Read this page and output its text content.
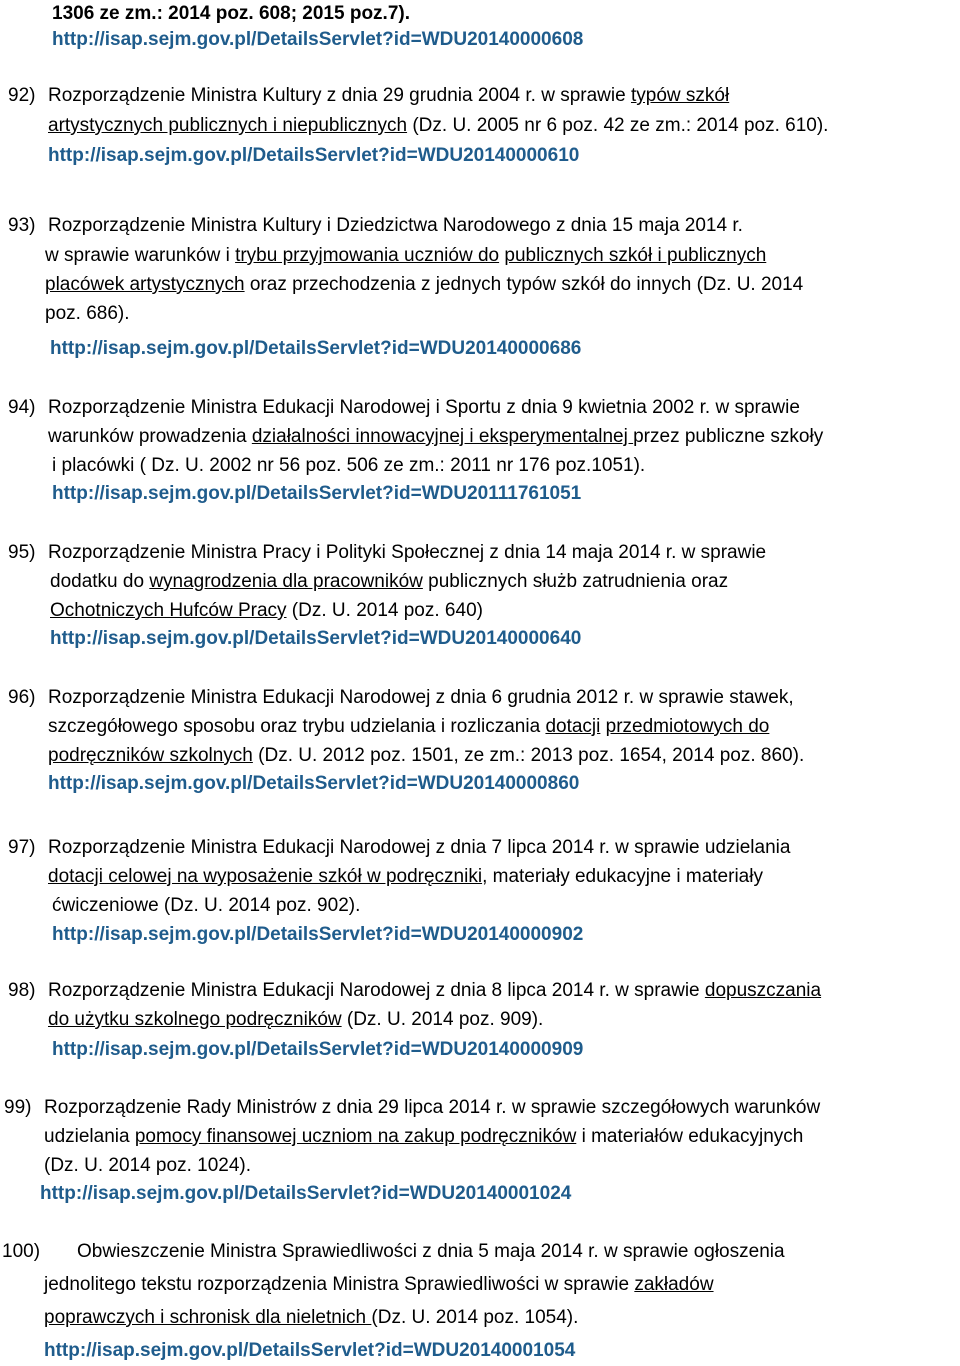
1306 ze zm.: 2014 poz. 608; 2015 poz.7).
http://isap.sejm.gov.pl/DetailsServlet?id=WDU20140000608
92) Rozporządzenie Ministra Kultury z dnia 29 grudnia 2004 r. w sprawie typów szkół
artystycznych publicznych i niepublicznych (Dz. U. 2005 nr 6 poz. 42 ze zm.: 2014 poz. 610).
http://isap.sejm.gov.pl/DetailsServlet?id=WDU20140000610
93) Rozporządzenie Ministra Kultury i Dziedzictwa Narodowego z dnia 15 maja 2014 r.
w sprawie warunków i trybu przyjmowania uczniów do publicznych szkół i publicznych
placówek artystycznych oraz przechodzenia z jednych typów szkół do innych (Dz. U. 2014
poz. 686).
http://isap.sejm.gov.pl/DetailsServlet?id=WDU20140000686
94) Rozporządzenie Ministra Edukacji Narodowej i Sportu z dnia 9 kwietnia 2002 r. w sprawie
warunków prowadzenia działalności innowacyjnej i eksperymentalnej przez publiczne szkoły
i placówki ( Dz. U. 2002 nr 56 poz. 506 ze zm.: 2011 nr 176 poz.1051).
http://isap.sejm.gov.pl/DetailsServlet?id=WDU20111761051
95) Rozporządzenie Ministra Pracy i Polityki Społecznej z dnia 14 maja 2014 r. w sprawie
dodatku do wynagrodzenia dla pracowników publicznych służb zatrudnienia oraz
Ochotniczych Hufców Pracy (Dz. U. 2014 poz. 640)
http://isap.sejm.gov.pl/DetailsServlet?id=WDU20140000640
96) Rozporządzenie Ministra Edukacji Narodowej z dnia 6 grudnia 2012 r. w sprawie stawek,
szczegółowego sposobu oraz trybu udzielania i rozliczania dotacji przedmiotowych do
podręczników szkolnych (Dz. U. 2012 poz. 1501, ze zm.: 2013 poz. 1654, 2014 poz. 860).
http://isap.sejm.gov.pl/DetailsServlet?id=WDU20140000860
97) Rozporządzenie Ministra Edukacji Narodowej z dnia 7 lipca 2014 r. w sprawie udzielania
dotacji celowej na wyposażenie szkół w podręczniki, materiały edukacyjne i materiały
ćwiczeniowe (Dz. U. 2014 poz. 902).
http://isap.sejm.gov.pl/DetailsServlet?id=WDU20140000902
98) Rozporządzenie Ministra Edukacji Narodowej z dnia 8 lipca 2014 r. w sprawie dopuszczania
do użytku szkolnego podręczników (Dz. U. 2014 poz. 909).
http://isap.sejm.gov.pl/DetailsServlet?id=WDU20140000909
99) Rozporządzenie Rady Ministrów z dnia 29 lipca 2014 r. w sprawie szczegółowych warunków
udzielania pomocy finansowej uczniom na zakup podręczników i materiałów edukacyjnych
(Dz. U. 2014 poz. 1024).
http://isap.sejm.gov.pl/DetailsServlet?id=WDU20140001024
100) Obwieszczenie Ministra Sprawiedliwości z dnia 5 maja 2014 r. w sprawie ogłoszenia
jednolitego tekstu rozporządzenia Ministra Sprawiedliwości w sprawie zakładów
poprawczych i schronisk dla nieletnich (Dz. U. 2014 poz. 1054).
http://isap.sejm.gov.pl/DetailsServlet?id=WDU20140001054
